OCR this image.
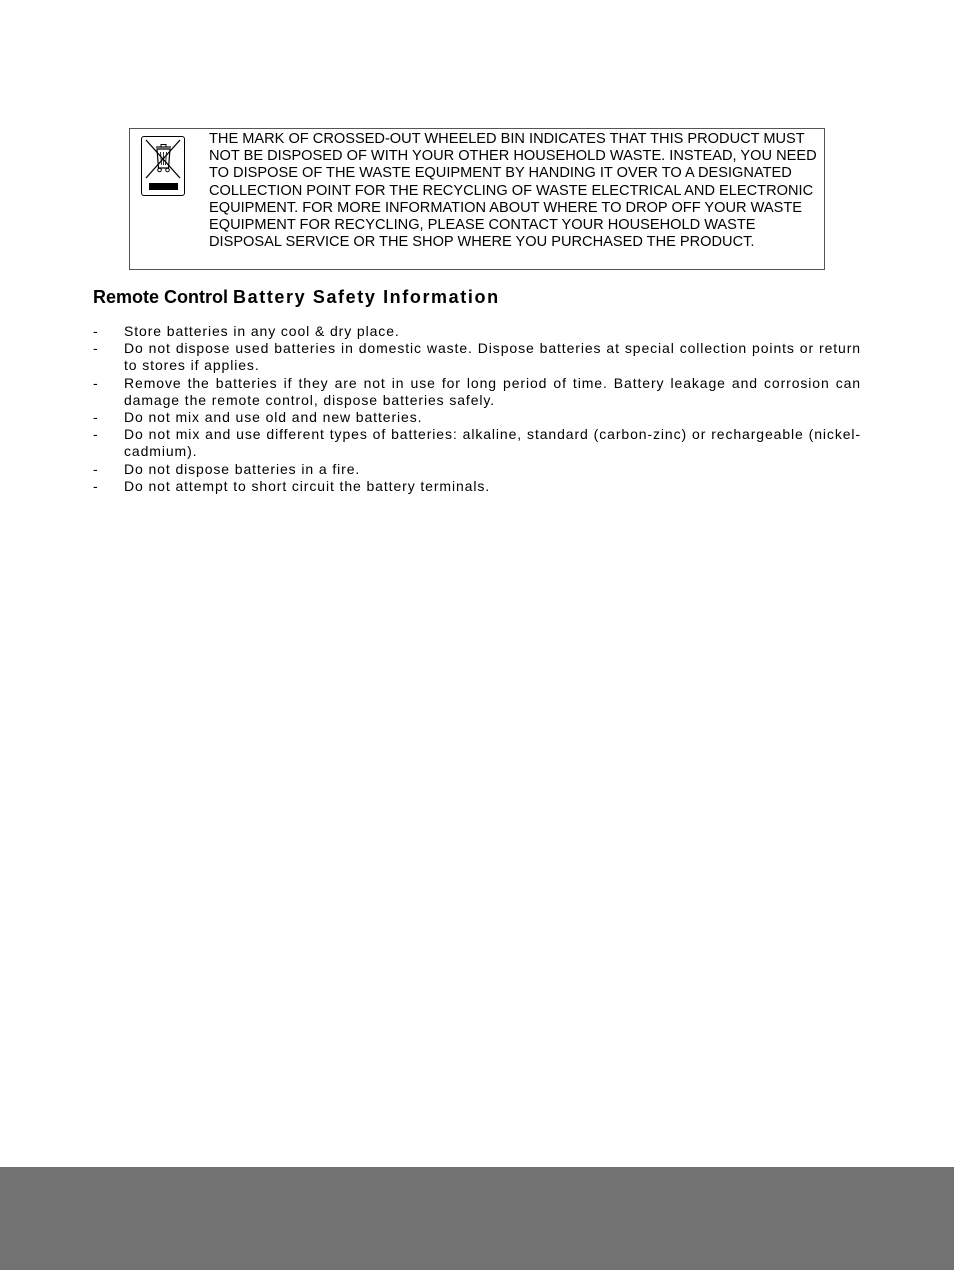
THE MARK OF CROSSED-OUT WHEELED BIN INDICATES THAT THIS PRODUCT MUST NOT BE DISPOSED OF WITH YOUR OTHER HOUSEHOLD WASTE. INSTEAD, YOU NEED TO DISPOSE OF THE WASTE EQUIPMENT BY HANDING IT OVER TO A DESIGNATED COLLECTION POINT FOR THE RECYCLING OF WASTE ELECTRICAL AND ELECTRONIC EQUIPMENT. FOR MORE INFORMATION ABOUT WHERE TO DROP OFF YOUR WASTE EQUIPMENT FOR RECYCLING, PLEASE CONTACT YOUR HOUSEHOLD WASTE DISPOSAL SERVICE OR THE SHOP WHERE YOU PURCHASED THE PRODUCT.

Remote Control Battery Safety Information
- Store batteries in any cool & dry place.
- Do not dispose used batteries in domestic waste. Dispose batteries at special collection points or return to stores if applies.
- Remove the batteries if they are not in use for long period of time. Battery leakage and corrosion can damage the remote control, dispose batteries safely.
- Do not mix and use old and new batteries.
- Do not mix and use different types of batteries: alkaline, standard (carbon-zinc) or rechargeable (nickel-cadmium).
- Do not dispose batteries in a fire.
- Do not attempt to short circuit the battery terminals.
